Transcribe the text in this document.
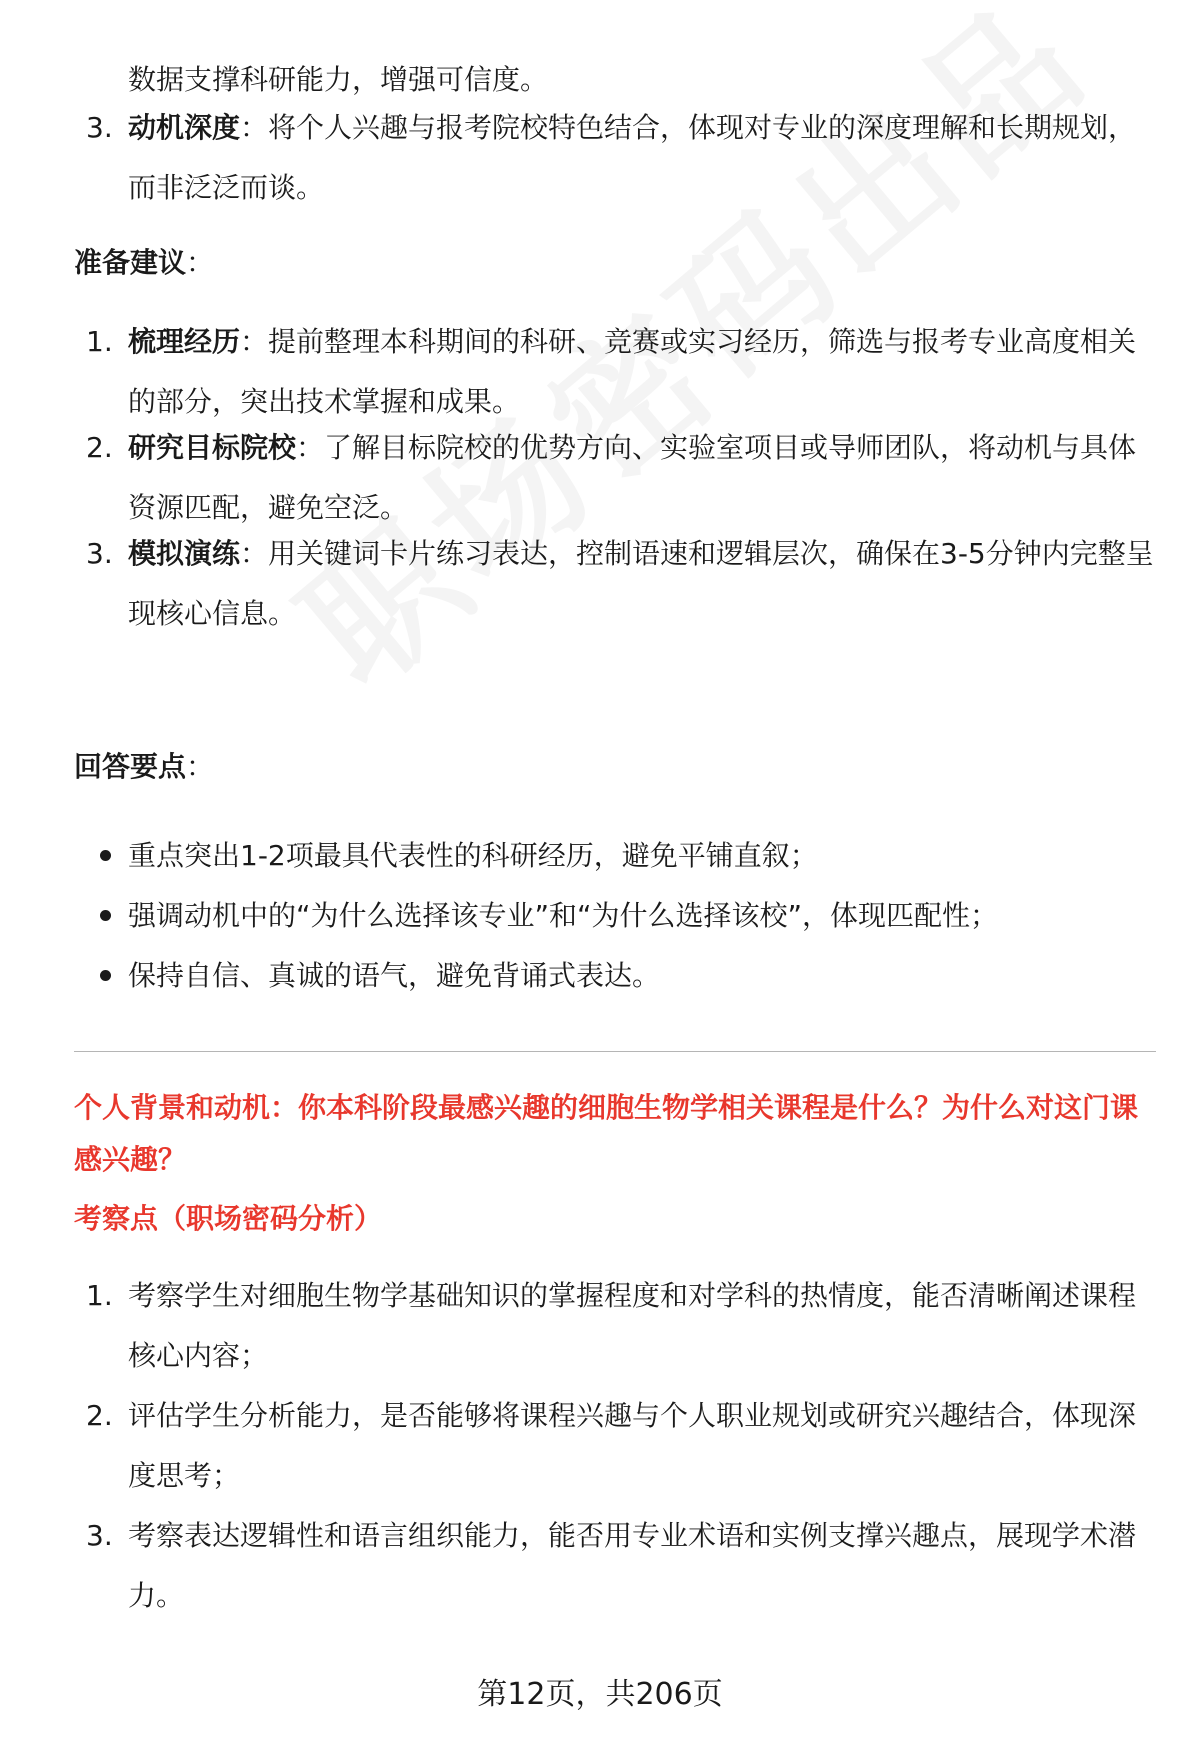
数据支撑科研能力，增强可信度。
3. 动机深度：将个人兴趣与报考院校特色结合，体现对专业的深度理解和长期规划，而非泛泛而谈。
准备建议：
1. 梳理经历：提前整理本科期间的科研、竞赛或实习经历，筛选与报考专业高度相关的部分，突出技术掌握和成果。
2. 研究目标院校：了解目标院校的优势方向、实验室项目或导师团队，将动机与具体资源匹配，避免空泛。
3. 模拟演练：用关键词卡片练习表达，控制语速和逻辑层次，确保在3-5分钟内完整呈现核心信息。
回答要点：
重点突出1-2项最具代表性的科研经历，避免平铺直叙；
强调动机中的“为什么选择该专业”和“为什么选择该校”，体现匹配性；
保持自信、真诚的语气，避免背诵式表达。
个人背景和动机：你本科阶段最感兴趣的细胞生物学相关课程是什么？为什么对这门课感兴趣？
考察点（职场密码分析）
1. 考察学生对细胞生物学基础知识的掌握程度和对学科的热情度，能否清晰阐述课程核心内容；
2. 评估学生分析能力，是否能够将课程兴趣与个人职业规划或研究兴趣结合，体现深度思考；
3. 考察表达逻辑性和语言组织能力，能否用专业术语和实例支撑兴趣点，展现学术潜力。
第12页，共206页
